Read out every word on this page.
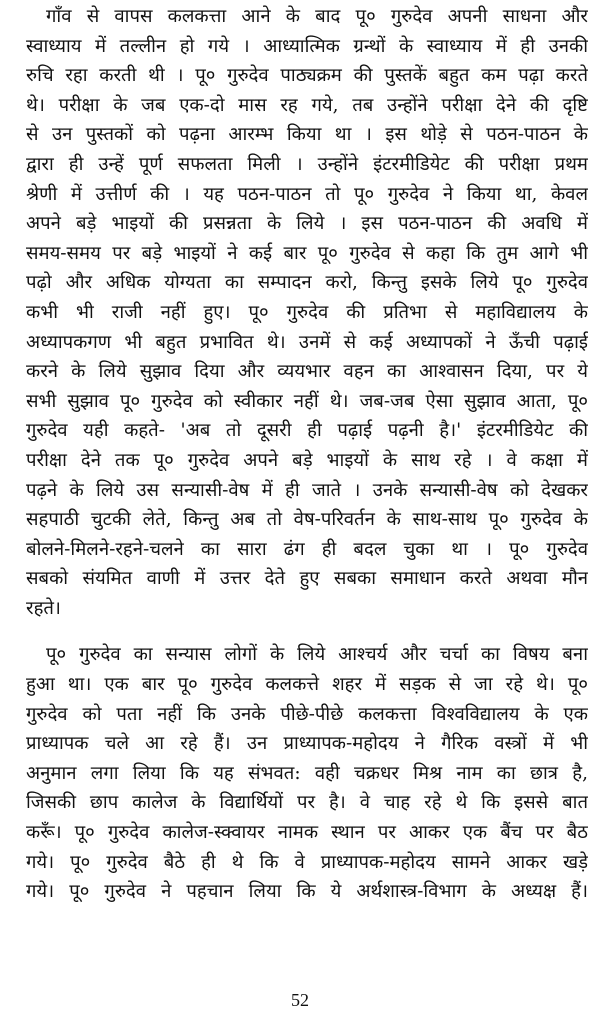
गाँव से वापस कलकत्ता आने के बाद पू० गुरुदेव अपनी साधना और
स्वाध्याय में तल्लीन हो गये । आध्यात्मिक ग्रन्थों के स्वाध्याय में ही उनकी
रुचि रहा करती थी । पू० गुरुदेव पाठ्यक्रम की पुस्तकें बहुत कम पढ़ा करते
थे। परीक्षा के जब एक-दो मास रह गये, तब उन्होंने परीक्षा देने की दृष्टि
से उन पुस्तकों को पढ़ना आरम्भ किया था । इस थोड़े से पठन-पाठन के
द्वारा ही उन्हें पूर्ण सफलता मिली । उन्होंने इंटरमीडियेट की परीक्षा प्रथम
श्रेणी में उत्तीर्ण की । यह पठन-पाठन तो पू० गुरुदेव ने किया था, केवल
अपने बड़े भाइयों की प्रसन्नता के लिये । इस पठन-पाठन की अवधि में
समय-समय पर बड़े भाइयों ने कई बार पू० गुरुदेव से कहा कि तुम आगे भी
पढ़ो और अधिक योग्यता का सम्पादन करो, किन्तु इसके लिये पू० गुरुदेव
कभी भी राजी नहीं हुए। पू० गुरुदेव की प्रतिभा से महाविद्यालय के
अध्यापकगण भी बहुत प्रभावित थे। उनमें से कई अध्यापकों ने ऊँची पढ़ाई
करने के लिये सुझाव दिया और व्ययभार वहन का आश्वासन दिया, पर ये
सभी सुझाव पू० गुरुदेव को स्वीकार नहीं थे। जब-जब ऐसा सुझाव आता, पू०
गुरुदेव यही कहते- 'अब तो दूसरी ही पढ़ाई पढ़नी है।' इंटरमीडियेट की
परीक्षा देने तक पू० गुरुदेव अपने बड़े भाइयों के साथ रहे । वे कक्षा में
पढ़ने के लिये उस सन्यासी-वेष में ही जाते । उनके सन्यासी-वेष को देखकर
सहपाठी चुटकी लेते, किन्तु अब तो वेष-परिवर्तन के साथ-साथ पू० गुरुदेव के
बोलने-मिलने-रहने-चलने का सारा ढंग ही बदल चुका था । पू० गुरुदेव
सबको संयमित वाणी में उत्तर देते हुए सबका समाधान करते अथवा मौन
रहते।
पू० गुरुदेव का सन्यास लोगों के लिये आश्चर्य और चर्चा का विषय बना
हुआ था। एक बार पू० गुरुदेव कलकत्ते शहर में सड़क से जा रहे थे। पू०
गुरुदेव को पता नहीं कि उनके पीछे-पीछे कलकत्ता विश्वविद्यालय के एक
प्राध्यापक चले आ रहे हैं। उन प्राध्यापक-महोदय ने गैरिक वस्त्रों में भी
अनुमान लगा लिया कि यह संभवत: वही चक्रधर मिश्र नाम का छात्र है,
जिसकी छाप कालेज के विद्यार्थियों पर है। वे चाह रहे थे कि इससे बात
करूँ। पू० गुरुदेव कालेज-स्क्वायर नामक स्थान पर आकर एक बैंच पर बैठ
गये। पू० गुरुदेव बैठे ही थे कि वे प्राध्यापक-महोदय सामने आकर खड़े
गये। पू० गुरुदेव ने पहचान लिया कि ये अर्थशास्त्र-विभाग के अध्यक्ष हैं।
52
